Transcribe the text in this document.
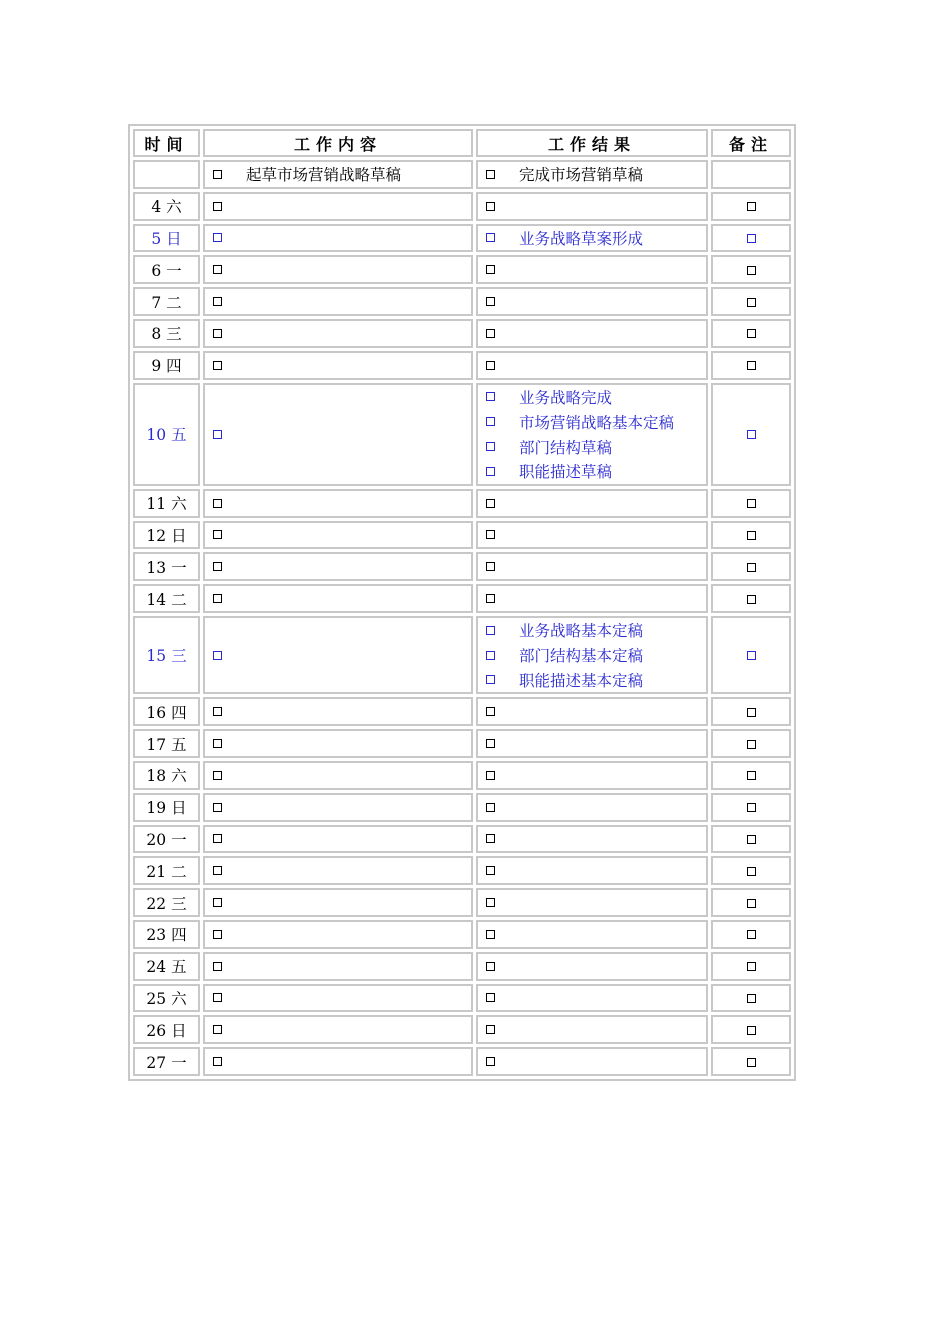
时间	工作内容	工作结果	备注

	起草市场营销战略草稿	完成市场营销草稿	

4 六	

5 日		业务战略草案形成	

6 一	

7 二	

8 三	

9 四	

10 五		业务战略完成
市场营销战略基本定稿
部门结构草稿
职能描述草稿	

11 六	

12 日	

13 一	

14 二	

15 三		业务战略基本定稿
部门结构基本定稿
职能描述基本定稿	

16 四	

17 五	

18 六	

19 日	

20 一	

21 二	

22 三	

23 四	

24 五	

25 六	

26 日	

27 一	
